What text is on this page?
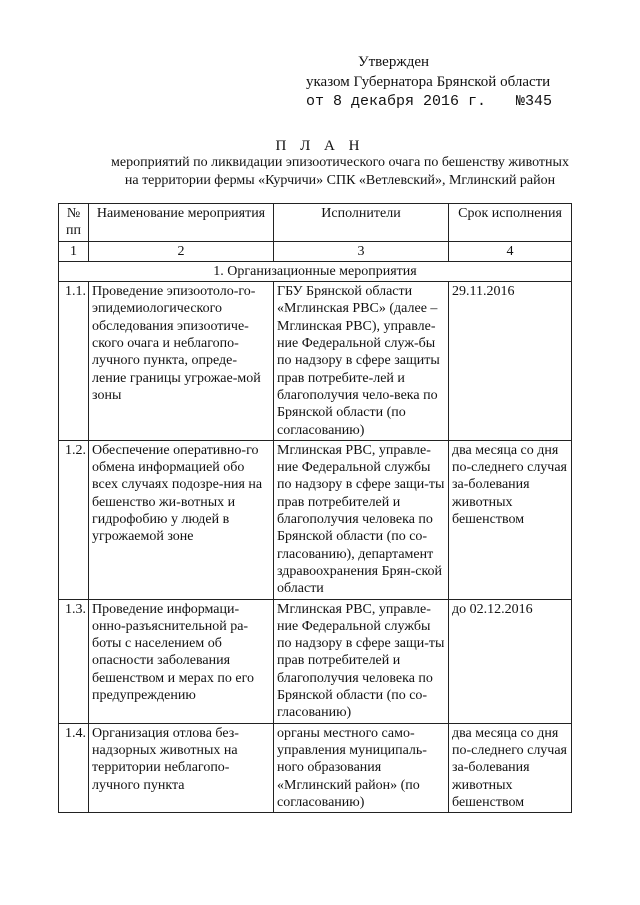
Утвержден
указом Губернатора Брянской области
от 8 декабря 2016 г. №345
П Л А Н
мероприятий по ликвидации эпизоотического очага по бешенству животных
на территории фермы «Курчичи» СПК «Ветлевский», Мглинский район
№ пп	Наименование мероприятия	Исполнители	Срок исполнения
1	2	3	4
1. Организационные мероприятия			
1.1.	Проведение эпизоотоло-го-эпидемиологического обследования эпизоотиче-ского очага и неблагопо-лучного пункта, опреде-ление границы угрожае-мой зоны	ГБУ Брянской области «Мглинская РВС» (далее – Мглинская РВС), управле-ние Федеральной служ-бы по надзору в сфере защиты прав потребите-лей и благополучия чело-века по Брянской области (по согласованию)	29.11.2016
1.2.	Обеспечение оперативно-го обмена информацией обо всех случаях подозре-ния на бешенство жи-вотных и гидрофобию у людей в угрожаемой зоне	Мглинская РВС, управле-ние Федеральной службы по надзору в сфере защи-ты прав потребителей и благополучия человека по Брянской области (по со-гласованию), департамент здравоохранения Брян-ской области	два месяца со дня по-следнего случая за-болевания животных бешенством
1.3.	Проведение информаци-онно-разъяснительной ра-боты с населением об опасности заболевания бешенством и мерах по его предупреждению	Мглинская РВС, управле-ние Федеральной службы по надзору в сфере защи-ты прав потребителей и благополучия человека по Брянской области (по со-гласованию)	до 02.12.2016
1.4.	Организация отлова без-надзорных животных на территории неблагопо-лучного пункта	органы местного само-управления муниципаль-ного образования «Мглинский район» (по согласованию)	два месяца со дня по-следнего случая за-болевания животных бешенством
